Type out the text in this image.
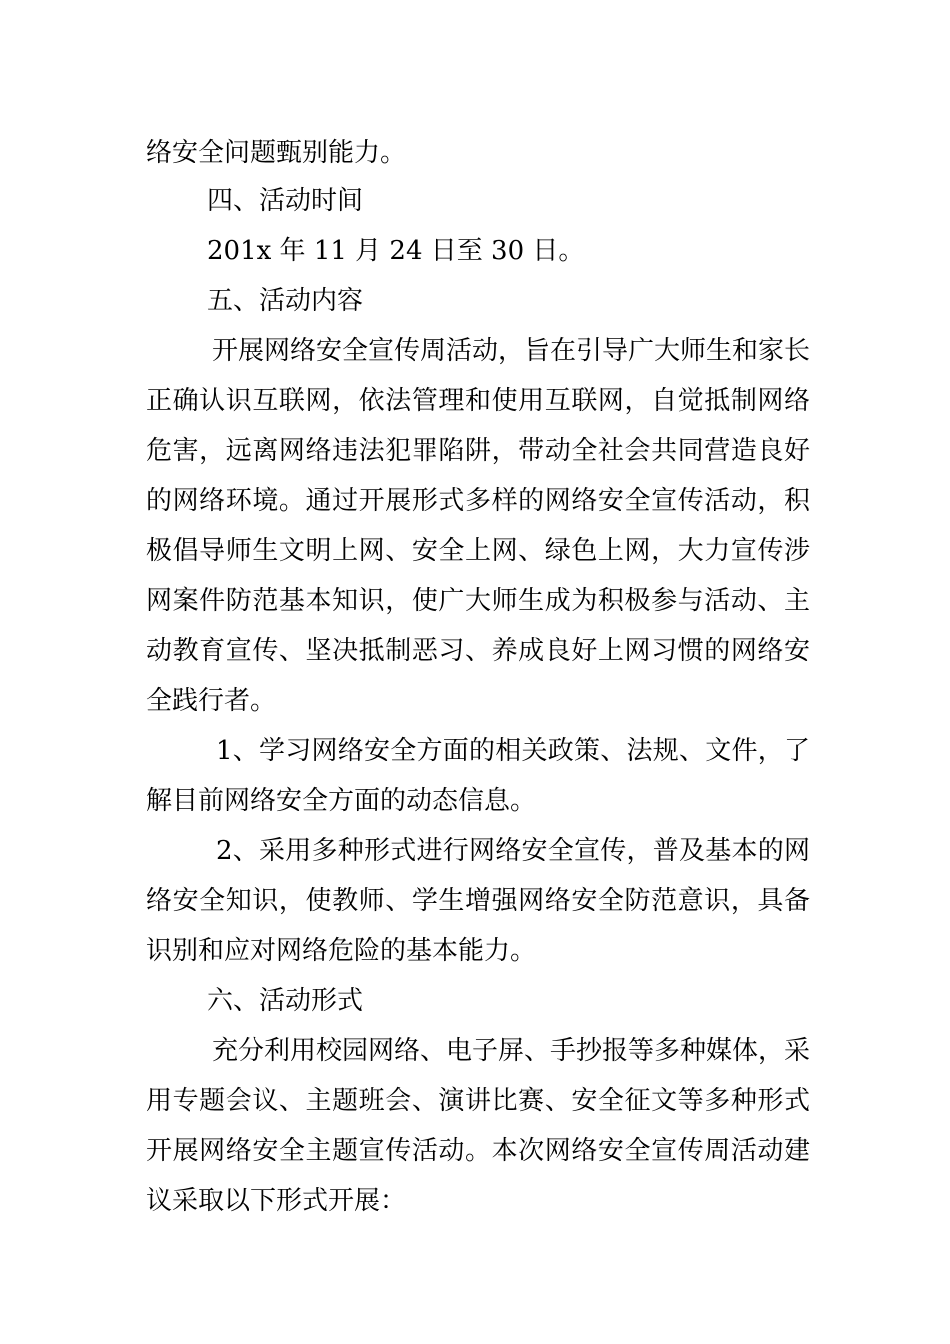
络安全问题甄别能力。
四、活动时间
201x 年 11 月 24 日至 30 日。
五、活动内容
开展网络安全宣传周活动，旨在引导广大师生和家长
正确认识互联网，依法管理和使用互联网，自觉抵制网络
危害，远离网络违法犯罪陷阱，带动全社会共同营造良好
的网络环境。通过开展形式多样的网络安全宣传活动，积
极倡导师生文明上网、安全上网、绿色上网，大力宣传涉
网案件防范基本知识，使广大师生成为积极参与活动、主
动教育宣传、坚决抵制恶习、养成良好上网习惯的网络安
全践行者。
1、学习网络安全方面的相关政策、法规、文件，了
解目前网络安全方面的动态信息。
2、采用多种形式进行网络安全宣传，普及基本的网
络安全知识，使教师、学生增强网络安全防范意识，具备
识别和应对网络危险的基本能力。
六、活动形式
充分利用校园网络、电子屏、手抄报等多种媒体，采
用专题会议、主题班会、演讲比赛、安全征文等多种形式
开展网络安全主题宣传活动。本次网络安全宣传周活动建
议采取以下形式开展：
